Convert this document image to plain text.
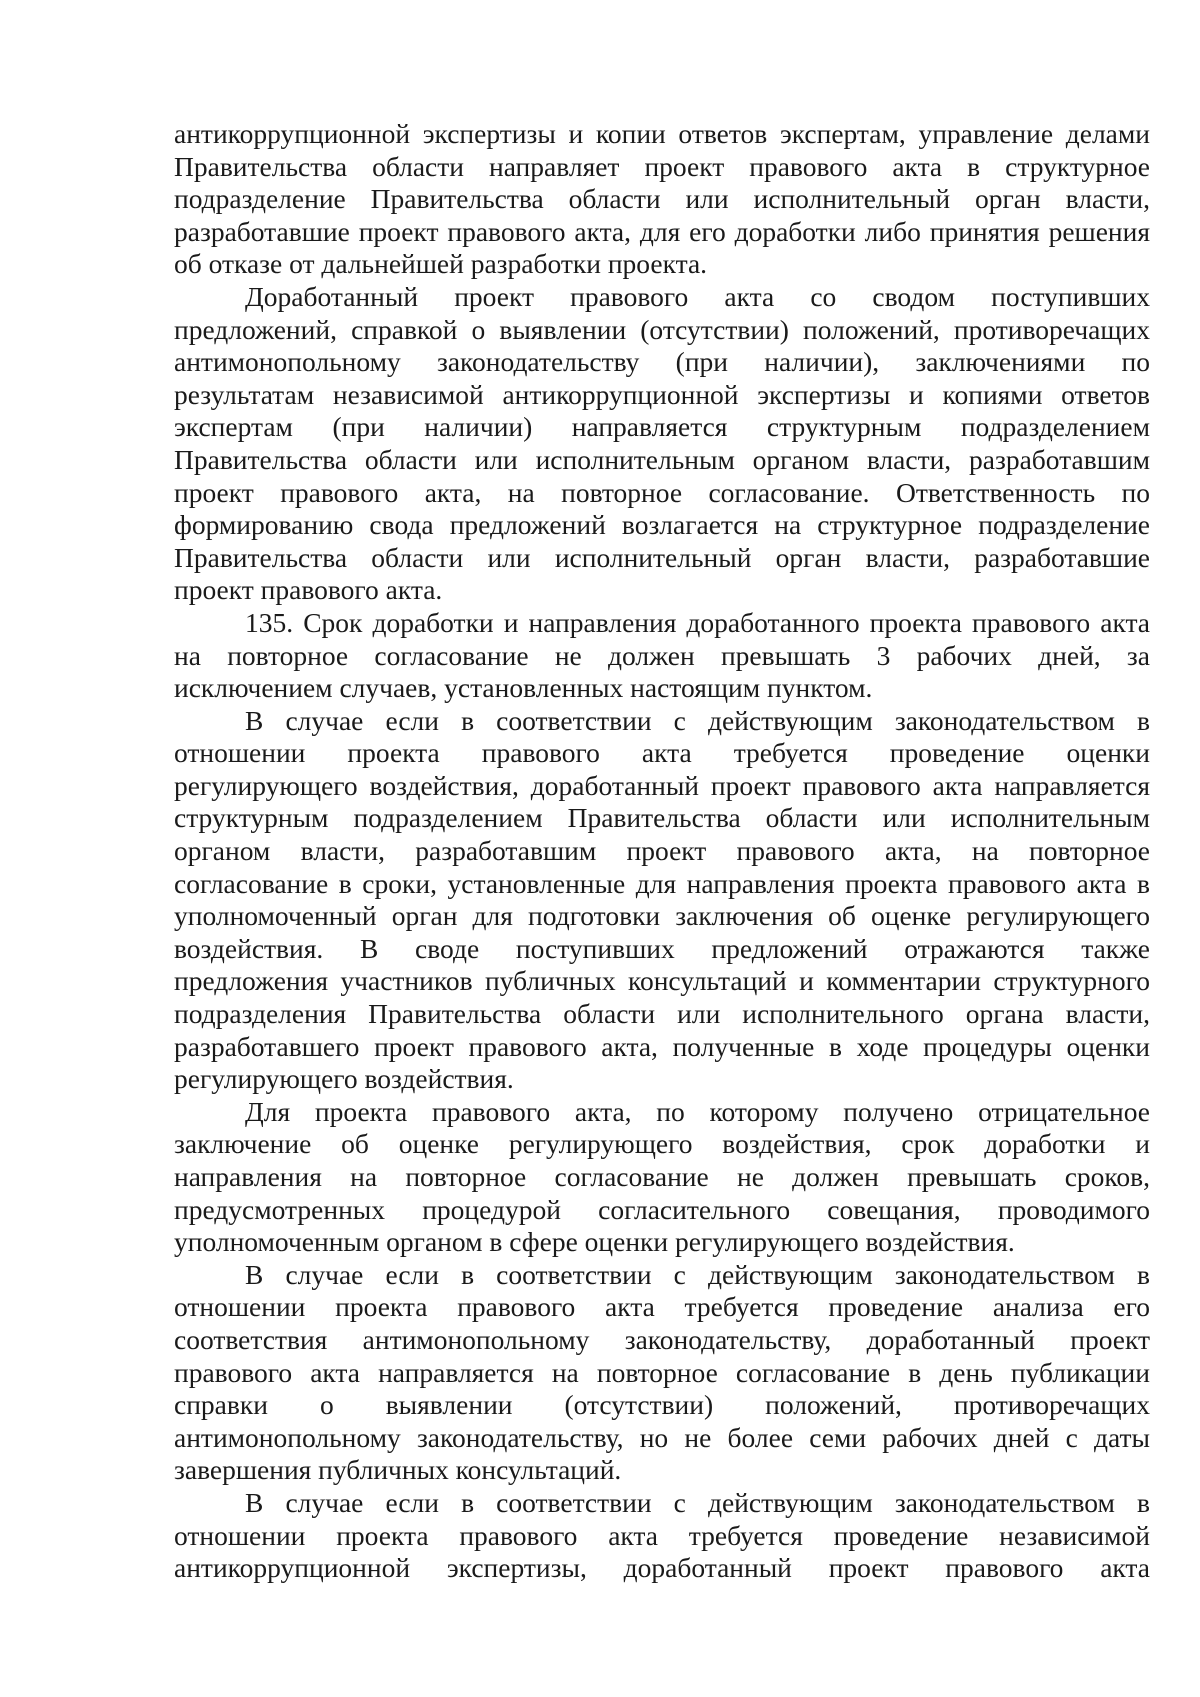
антикоррупционной экспертизы и копии ответов экспертам, управление делами
Правительства области направляет проект правового акта в структурное
подразделение Правительства области или исполнительный орган власти,
разработавшие проект правового акта, для его доработки либо принятия решения
об отказе от дальнейшей разработки проекта.
Доработанный проект правового акта со сводом поступивших
предложений, справкой о выявлении (отсутствии) положений, противоречащих
антимонопольному законодательству (при наличии), заключениями по
результатам независимой антикоррупционной экспертизы и копиями ответов
экспертам (при наличии) направляется структурным подразделением
Правительства области или исполнительным органом власти, разработавшим
проект правового акта, на повторное согласование. Ответственность по
формированию свода предложений возлагается на структурное подразделение
Правительства области или исполнительный орган власти, разработавшие
проект правового акта.
135. Срок доработки и направления доработанного проекта правового акта
на повторное согласование не должен превышать 3 рабочих дней, за
исключением случаев, установленных настоящим пунктом.
В случае если в соответствии с действующим законодательством в
отношении проекта правового акта требуется проведение оценки
регулирующего воздействия, доработанный проект правового акта направляется
структурным подразделением Правительства области или исполнительным
органом власти, разработавшим проект правового акта, на повторное
согласование в сроки, установленные для направления проекта правового акта в
уполномоченный орган для подготовки заключения об оценке регулирующего
воздействия. В своде поступивших предложений отражаются также
предложения участников публичных консультаций и комментарии структурного
подразделения Правительства области или исполнительного органа власти,
разработавшего проект правового акта, полученные в ходе процедуры оценки
регулирующего воздействия.
Для проекта правового акта, по которому получено отрицательное
заключение об оценке регулирующего воздействия, срок доработки и
направления на повторное согласование не должен превышать сроков,
предусмотренных процедурой согласительного совещания, проводимого
уполномоченным органом в сфере оценки регулирующего воздействия.
В случае если в соответствии с действующим законодательством в
отношении проекта правового акта требуется проведение анализа его
соответствия антимонопольному законодательству, доработанный проект
правового акта направляется на повторное согласование в день публикации
справки о выявлении (отсутствии) положений, противоречащих
антимонопольному законодательству, но не более семи рабочих дней с даты
завершения публичных консультаций.
В случае если в соответствии с действующим законодательством в
отношении проекта правового акта требуется проведение независимой
антикоррупционной экспертизы, доработанный проект правового акта
